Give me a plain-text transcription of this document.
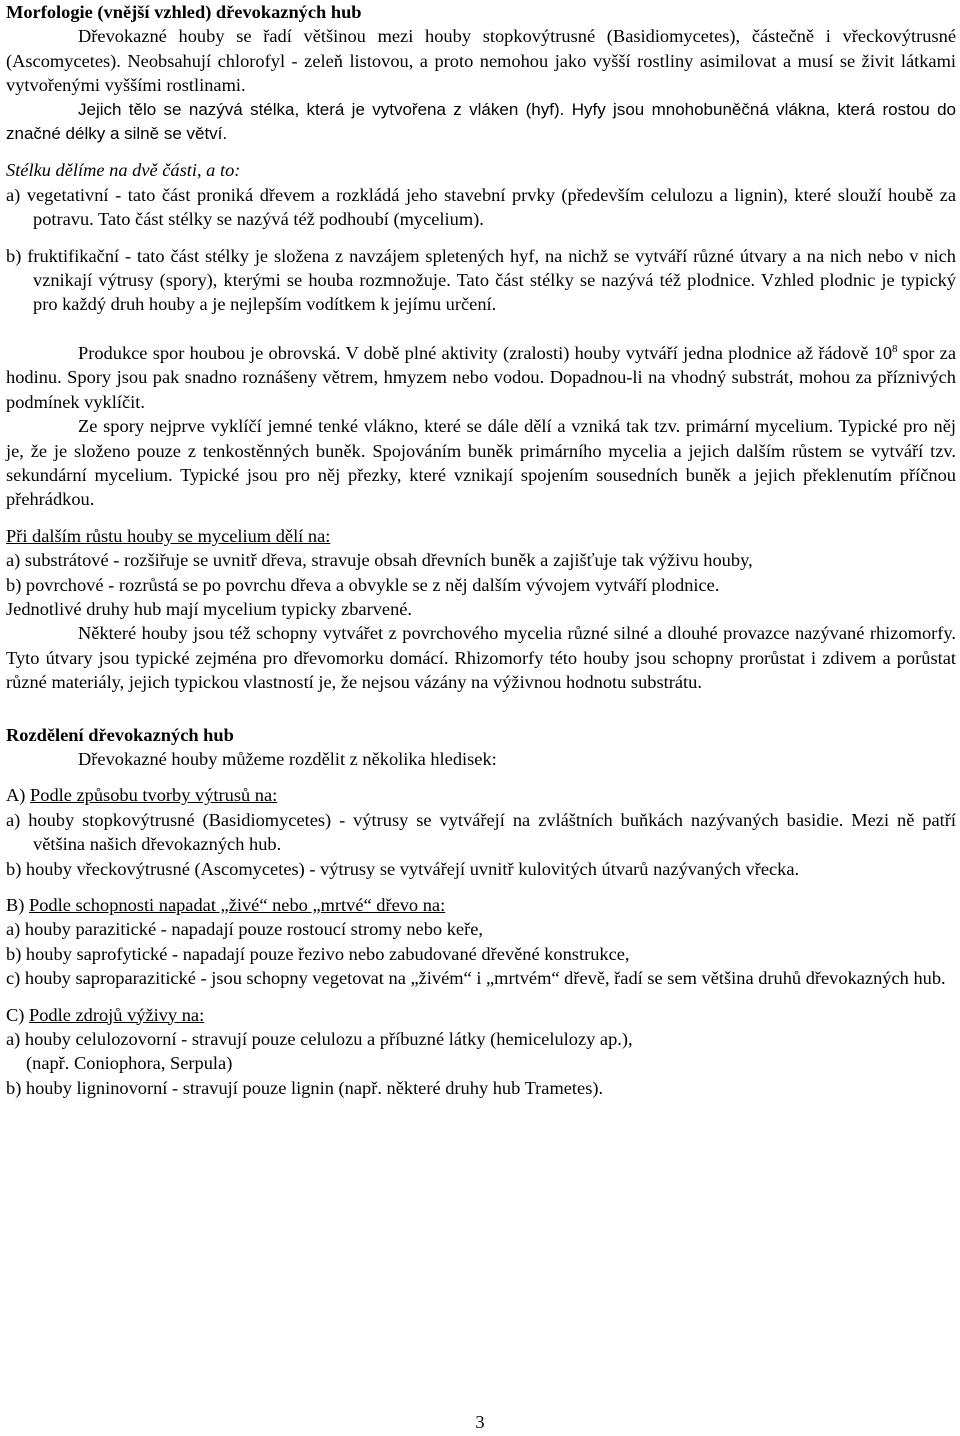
Morfologie (vnější vzhled) dřevokazných hub

Dřevokazné houby se řadí většinou mezi houby stopkovýtrusné (Basidiomycetes), částečně i vřeckovýtrusné (Ascomycetes). Neobsahují chlorofyl - zeleň listovou, a proto nemohou jako vyšší rostliny asimilovat a musí se živit látkami vytvořenými vyššími rostlinami.

Jejich tělo se nazývá stélka, která je vytvořena z vláken (hyf). Hyfy jsou mnohobuněčná vlákna, která rostou do značné délky a silně se větví.

Stélku dělíme na dvě části, a to:

a) vegetativní - tato část proniká dřevem a rozkládá jeho stavební prvky (především celulozu a lignin), které slouží houbě za potravu. Tato část stélky se nazývá též podhoubí (mycelium).

b) fruktifikační - tato část stélky je složena z navzájem spletených hyf, na nichž se vytváří různé útvary a na nich nebo v nich vznikají výtrusy (spory), kterými se houba rozmnožuje. Tato část stélky se nazývá též plodnice. Vzhled plodnic je typický pro každý druh houby a je nejlepším vodítkem k jejímu určení.

Produkce spor houbou je obrovská. V době plné aktivity (zralosti) houby vytváří jedna plodnice až řádově $10^8$ spor za hodinu. Spory jsou pak snadno roznášeny větrem, hmyzem nebo vodou. Dopadnou-li na vhodný substrát, mohou za příznivých podmínek vyklíčit.

Ze spory nejprve vyklíčí jemné tenké vlákno, které se dále dělí a vzniká tak tzv. primární mycelium. Typické pro něj je, že je složeno pouze z tenkostěnných buněk. Spojováním buněk primárního mycelia a jejich dalším růstem se vytváří tzv. sekundární mycelium. Typické jsou pro něj přezky, které vznikají spojením sousedních buněk a jejich překlenutím příčnou přehrádkou.

Při dalším růstu houby se mycelium dělí na:

a) substrátové - rozšiřuje se uvnitř dřeva, stravuje obsah dřevních buněk a zajišťuje tak výživu houby,

b) povrchové - rozrůstá se po povrchu dřeva a obvykle se z něj dalším vývojem vytváří plodnice.

Jednotlivé druhy hub mají mycelium typicky zbarvené.

Některé houby jsou též schopny vytvářet z povrchového mycelia různé silné a dlouhé provazce nazývané rhizomorfy. Tyto útvary jsou typické zejména pro dřevomorku domácí. Rhizomorfy této houby jsou schopny prorůstat i zdivem a porůstat různé materiály, jejich typickou vlastností je, že nejsou vázány na výživnou hodnotu substrátu.

Rozdělení dřevokazných hub

Dřevokazné houby můžeme rozdělit z několika hledisek:

A) Podle způsobu tvorby výtrusů na:

a) houby stopkovýtrusné (Basidiomycetes) - výtrusy se vytvářejí na zvláštních buňkách nazývaných basidie. Mezi ně patří většina našich dřevokazných hub.

b) houby vřeckovýtrusné (Ascomycetes) - výtrusy se vytvářejí uvnitř kulovitých útvarů nazývaných vřecka.

B) Podle schopnosti napadat „živé“ nebo „mrtvé“ dřevo na:

a) houby parazitické - napadají pouze rostoucí stromy nebo keře,

b) houby saprofytické - napadají pouze řezivo nebo zabudované dřevěné konstrukce,

c) houby saproparazitické - jsou schopny vegetovat na „živém“ i „mrtvém“ dřevě, řadí se sem většina druhů dřevokazných hub.

C) Podle zdrojů výživy na:

a) houby celulozovorní - stravují pouze celulozu a příbuzné látky (hemicelulozy ap.),

(např. Coniophora, Serpula)

b) houby ligninovorní - stravují pouze lignin (např. některé druhy hub Trametes).

3
